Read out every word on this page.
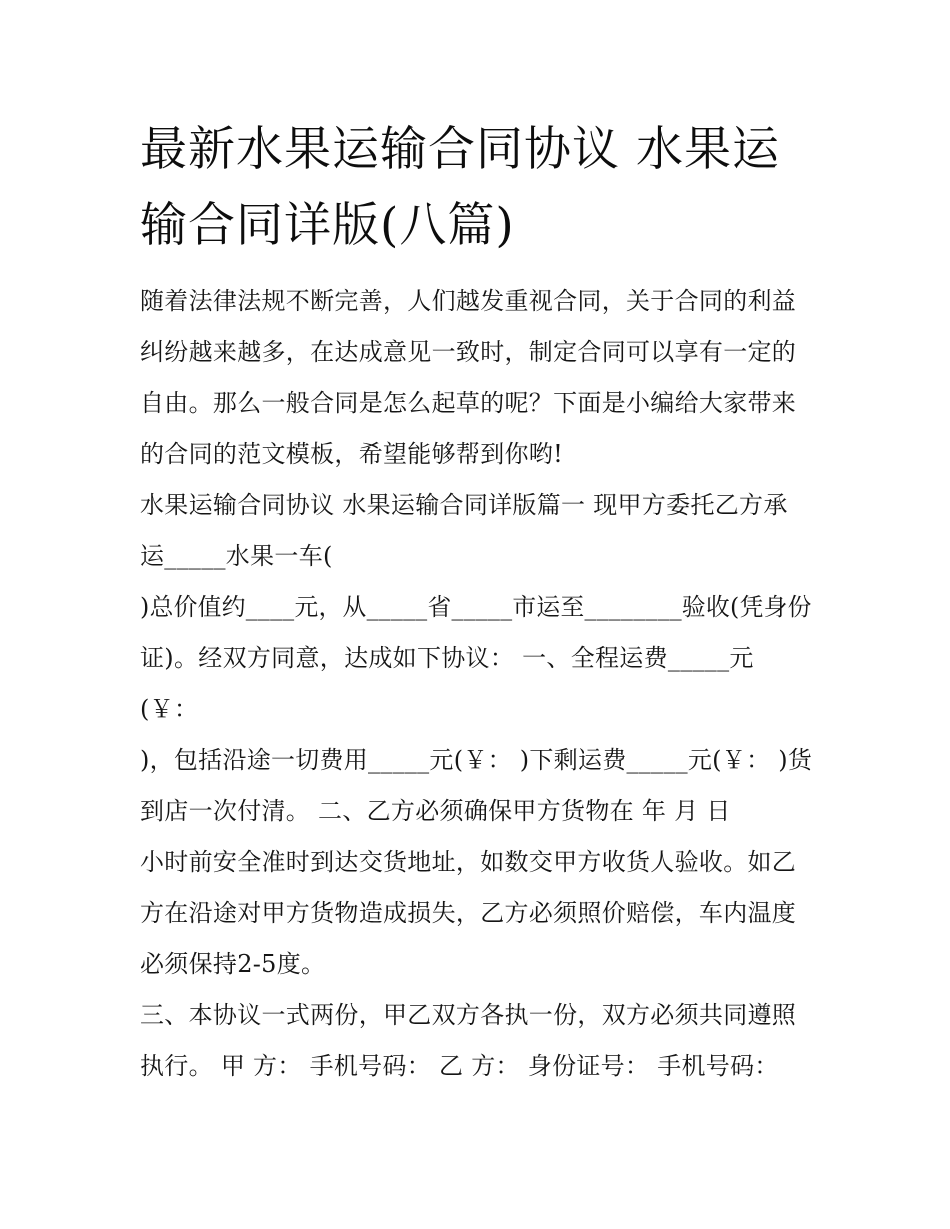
最新水果运输合同协议 水果运
输合同详版(八篇)

随着法律法规不断完善，人们越发重视合同，关于合同的利益

纠纷越来越多，在达成意见一致时，制定合同可以享有一定的

自由。那么一般合同是怎么起草的呢？下面是小编给大家带来

的合同的范文模板，希望能够帮到你哟!

水果运输合同协议 水果运输合同详版篇一 现甲方委托乙方承

运_____水果一车(

)总价值约____元，从_____省_____市运至________验收(凭身份

证)。经双方同意，达成如下协议： 一、全程运费_____元

(￥：

)，包括沿途一切费用_____元(￥： )下剩运费_____元(￥： )货

到店一次付清。 二、乙方必须确保甲方货物在 年 月 日

小时前安全准时到达交货地址，如数交甲方收货人验收。如乙

方在沿途对甲方货物造成损失，乙方必须照价赔偿，车内温度

必须保持2-5度。

三、本协议一式两份，甲乙双方各执一份，双方必须共同遵照

执行。 甲 方： 手机号码： 乙 方： 身份证号： 手机号码：
